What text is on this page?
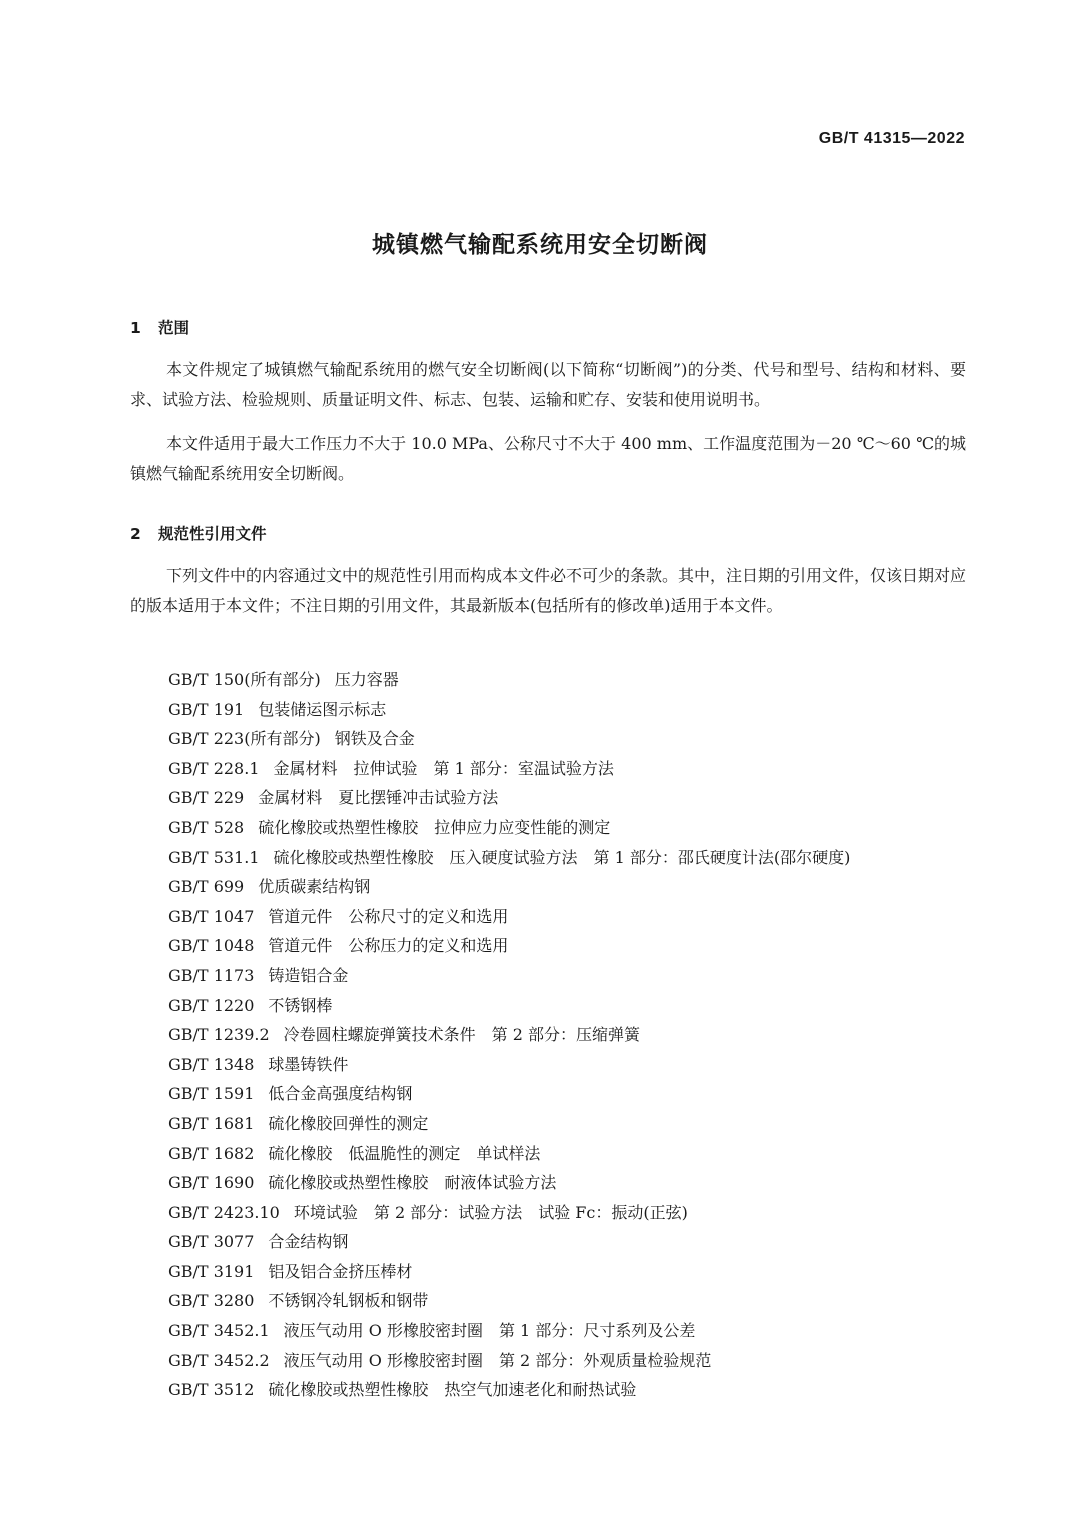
GB/T 41315—2022
城镇燃气输配系统用安全切断阀
1 范围

本文件规定了城镇燃气输配系统用的燃气安全切断阀(以下简称“切断阀”)的分类、代号和型号、结构和材料、要求、试验方法、检验规则、质量证明文件、标志、包装、运输和贮存、安装和使用说明书。

本文件适用于最大工作压力不大于 10.0 MPa、公称尺寸不大于 400 mm、工作温度范围为－20 ℃～60 ℃的城镇燃气输配系统用安全切断阀。

2 规范性引用文件

下列文件中的内容通过文中的规范性引用而构成本文件必不可少的条款。其中，注日期的引用文件，仅该日期对应的版本适用于本文件；不注日期的引用文件，其最新版本(包括所有的修改单)适用于本文件。

GB/T 150(所有部分) 压力容器
GB/T 191 包装储运图示标志
GB/T 223(所有部分) 钢铁及合金
GB/T 228.1 金属材料　拉伸试验　第 1 部分：室温试验方法
GB/T 229 金属材料　夏比摆锤冲击试验方法
GB/T 528 硫化橡胶或热塑性橡胶　拉伸应力应变性能的测定
GB/T 531.1 硫化橡胶或热塑性橡胶　压入硬度试验方法　第 1 部分：邵氏硬度计法(邵尔硬度)
GB/T 699 优质碳素结构钢
GB/T 1047 管道元件　公称尺寸的定义和选用
GB/T 1048 管道元件　公称压力的定义和选用
GB/T 1173 铸造铝合金
GB/T 1220 不锈钢棒
GB/T 1239.2 冷卷圆柱螺旋弹簧技术条件　第 2 部分：压缩弹簧
GB/T 1348 球墨铸铁件
GB/T 1591 低合金高强度结构钢
GB/T 1681 硫化橡胶回弹性的测定
GB/T 1682 硫化橡胶　低温脆性的测定　单试样法
GB/T 1690 硫化橡胶或热塑性橡胶　耐液体试验方法
GB/T 2423.10 环境试验　第 2 部分：试验方法　试验 Fc：振动(正弦)
GB/T 3077 合金结构钢
GB/T 3191 铝及铝合金挤压棒材
GB/T 3280 不锈钢冷轧钢板和钢带
GB/T 3452.1 液压气动用 O 形橡胶密封圈　第 1 部分：尺寸系列及公差
GB/T 3452.2 液压气动用 O 形橡胶密封圈　第 2 部分：外观质量检验规范
GB/T 3512 硫化橡胶或热塑性橡胶　热空气加速老化和耐热试验
